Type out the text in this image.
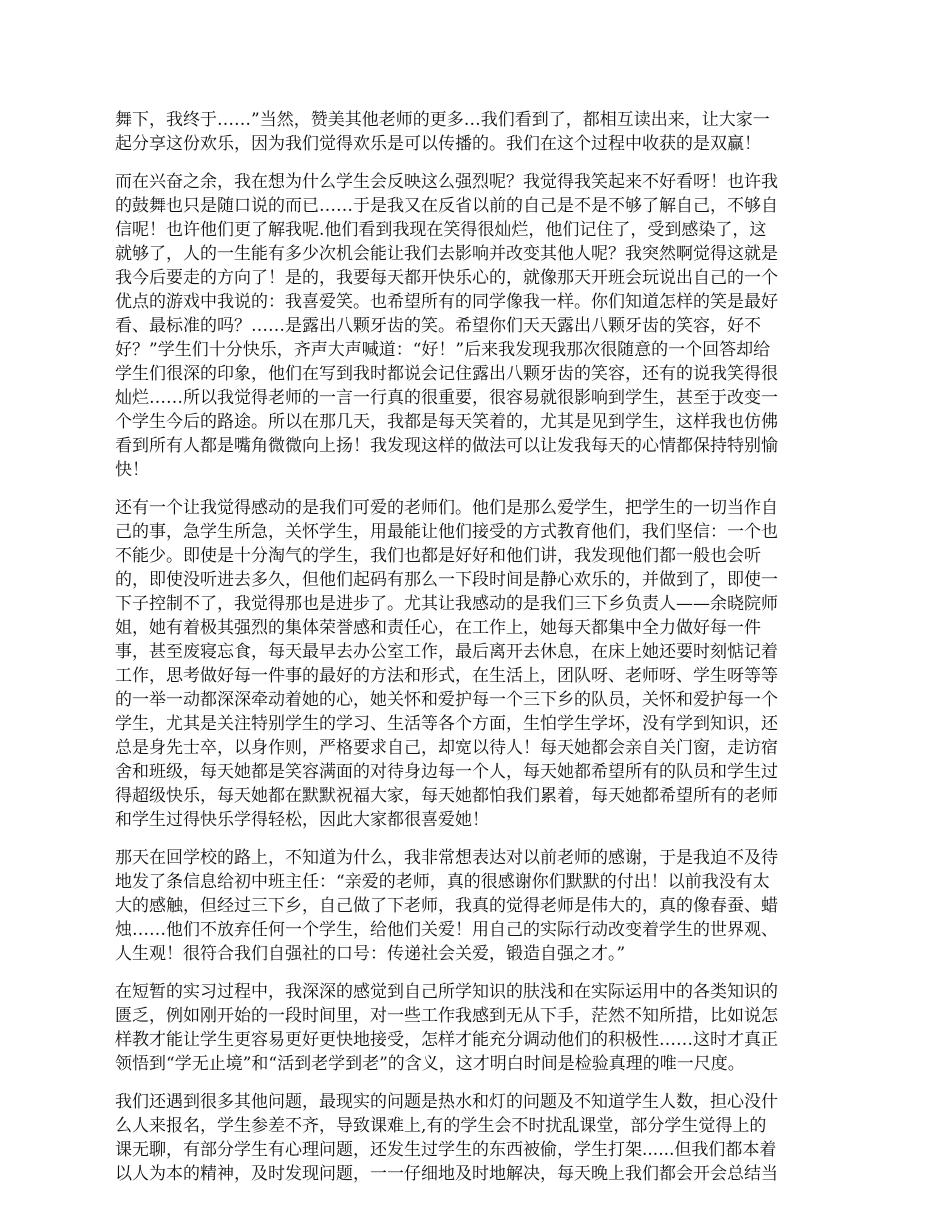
舞下，我终于……”当然，赞美其他老师的更多…我们看到了，都相互读出来，让大家一
起分享这份欢乐，因为我们觉得欢乐是可以传播的。我们在这个过程中收获的是双赢！
而在兴奋之余，我在想为什么学生会反映这么强烈呢？我觉得我笑起来不好看呀！也许我
的鼓舞也只是随口说的而已……于是我又在反省以前的自己是不是不够了解自己，不够自
信呢！也许他们更了解我呢.他们看到我现在笑得很灿烂，他们记住了，受到感染了，这
就够了，人的一生能有多少次机会能让我们去影响并改变其他人呢？我突然啊觉得这就是
我今后要走的方向了！是的，我要每天都开快乐心的，就像那天开班会玩说出自己的一个
优点的游戏中我说的：我喜爱笑。也希望所有的同学像我一样。你们知道怎样的笑是最好
看、最标准的吗？……是露出八颗牙齿的笑。希望你们天天露出八颗牙齿的笑容，好不
好？”学生们十分快乐，齐声大声喊道：“好！”后来我发现我那次很随意的一个回答却给
学生们很深的印象，他们在写到我时都说会记住露出八颗牙齿的笑容，还有的说我笑得很
灿烂……所以我觉得老师的一言一行真的很重要，很容易就很影响到学生，甚至于改变一
个学生今后的路途。所以在那几天，我都是每天笑着的，尤其是见到学生，这样我也仿佛
看到所有人都是嘴角微微向上扬！我发现这样的做法可以让发我每天的心情都保持特别愉
快！
还有一个让我觉得感动的是我们可爱的老师们。他们是那么爱学生，把学生的一切当作自
己的事，急学生所急，关怀学生，用最能让他们接受的方式教育他们，我们坚信：一个也
不能少。即使是十分淘气的学生，我们也都是好好和他们讲，我发现他们都一般也会听
的，即使没听进去多久，但他们起码有那么一下段时间是静心欢乐的，并做到了，即使一
下子控制不了，我觉得那也是进步了。尤其让我感动的是我们三下乡负责人——余晓院师
姐，她有着极其强烈的集体荣誉感和责任心，在工作上，她每天都集中全力做好每一件
事，甚至废寝忘食，每天最早去办公室工作，最后离开去休息，在床上她还要时刻惦记着
工作，思考做好每一件事的最好的方法和形式，在生活上，团队呀、老师呀、学生呀等等
的一举一动都深深牵动着她的心，她关怀和爱护每一个三下乡的队员，关怀和爱护每一个
学生，尤其是关注特别学生的学习、生活等各个方面，生怕学生学坏，没有学到知识，还
总是身先士卒，以身作则，严格要求自己，却宽以待人！每天她都会亲自关门窗，走访宿
舍和班级，每天她都是笑容满面的对待身边每一个人，每天她都希望所有的队员和学生过
得超级快乐，每天她都在默默祝福大家，每天她都怕我们累着，每天她都希望所有的老师
和学生过得快乐学得轻松，因此大家都很喜爱她！
那天在回学校的路上，不知道为什么，我非常想表达对以前老师的感谢，于是我迫不及待
地发了条信息给初中班主任：“亲爱的老师，真的很感谢你们默默的付出！以前我没有太
大的感触，但经过三下乡，自己做了下老师，我真的觉得老师是伟大的，真的像春蚕、蜡
烛……他们不放弃任何一个学生，给他们关爱！用自己的实际行动改变着学生的世界观、
人生观！很符合我们自强社的口号：传递社会关爱，锻造自强之才。”
在短暂的实习过程中，我深深的感觉到自己所学知识的肤浅和在实际运用中的各类知识的
匮乏，例如刚开始的一段时间里，对一些工作我感到无从下手，茫然不知所措，比如说怎
样教才能让学生更容易更好更快地接受，怎样才能充分调动他们的积极性……这时才真正
领悟到“学无止境”和“活到老学到老”的含义，这才明白时间是检验真理的唯一尺度。
我们还遇到很多其他问题，最现实的问题是热水和灯的问题及不知道学生人数，担心没什
么人来报名，学生参差不齐，导致课难上,有的学生会不时扰乱课堂，部分学生觉得上的
课无聊，有部分学生有心理问题，还发生过学生的东西被偷，学生打架......但我们都本着
以人为本的精神，及时发现问题，一一仔细地及时地解决，每天晚上我们都会开会总结当
